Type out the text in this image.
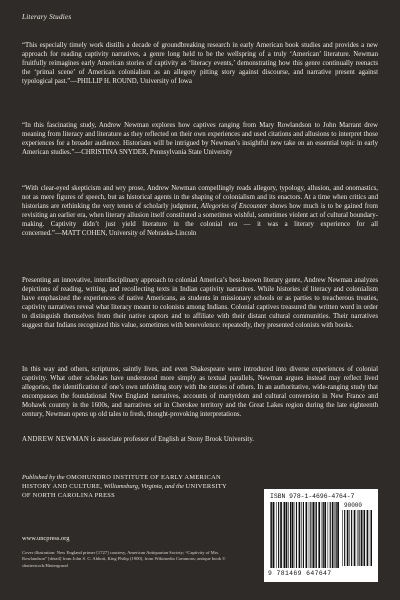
Literary Studies

“This especially timely work distills a decade of groundbreaking research in early American book studies and provides a new approach for reading captivity narratives, a genre long held to be the wellspring of a truly ‘American’ literature. Newman fruitfully reimagines early American stories of captivity as ‘literacy events,’ demonstrating how this genre continually reenacts the ‘primal scene’ of American colonialism as an allegory pitting story against discourse, and narrative present against typological past.”—PHILLIP H. ROUND, University of Iowa

“In this fascinating study, Andrew Newman explores how captives ranging from Mary Rowlandson to John Marrant drew meaning from literacy and literature as they reflected on their own experiences and used citations and allusions to interpret those experiences for a broader audience. Historians will be intrigued by Newman’s insightful new take on an essential topic in early American studies.”—CHRISTINA SNYDER, Pennsylvania State University

“With clear-eyed skepticism and wry prose, Andrew Newman compellingly reads allegory, typology, allusion, and onomastics, not as mere figures of speech, but as historical agents in the shaping of colonialism and its enactors. At a time when critics and historians are rethinking the very tenets of scholarly judgment, Allegories of Encounter shows how much is to be gained from revisiting an earlier era, when literary allusion itself constituted a sometimes wishful, sometimes violent act of cultural boundary-making. Captivity didn’t just yield literature in the colonial era — it was a literary experience for all concerned.”—MATT COHEN, University of Nebraska-Lincoln

Presenting an innovative, interdisciplinary approach to colonial America’s best-known literary genre, Andrew Newman analyzes depictions of reading, writing, and recollecting texts in Indian captivity narratives. While histories of literacy and colonialism have emphasized the experiences of native Americans, as students in missionary schools or as parties to treacherous treaties, captivity narratives reveal what literacy meant to colonists among Indians. Colonial captives treasured the written word in order to distinguish themselves from their native captors and to affiliate with their distant cultural communities. Their narratives suggest that Indians recognized this value, sometimes with benevolence: repeatedly, they presented colonists with books.

In this way and others, scriptures, saintly lives, and even Shakespeare were introduced into diverse experiences of colonial captivity. What other scholars have understood more simply as textual parallels, Newman argues instead may reflect lived allegories, the identification of one’s own unfolding story with the stories of others. In an authoritative, wide-ranging study that encompasses the foundational New England narratives, accounts of martyrdom and cultural conversion in New France and Mohawk country in the 1600s, and narratives set in Cherokee territory and the Great Lakes region during the late eighteenth century, Newman opens up old tales to fresh, thought-provoking interpretations.

ANDREW NEWMAN is associate professor of English at Stony Brook University.

Published by the OMOHUNDRO INSTITUTE OF EARLY AMERICAN HISTORY AND CULTURE, Williamsburg, Virginia, and the UNIVERSITY OF NORTH CAROLINA PRESS

www.uncpress.org

Cover illustration: New England primer [1727] courtesy, American Antiquarian Society; “Captivity of Mrs. Rowlandson” [detail] from John S. C. Abbott, King Philip (1900), from Wikimedia Commons; antique book © shutterstock/Hintergrund

ISBN 978-1-4696-4764-7
90000
9 781469 647647
